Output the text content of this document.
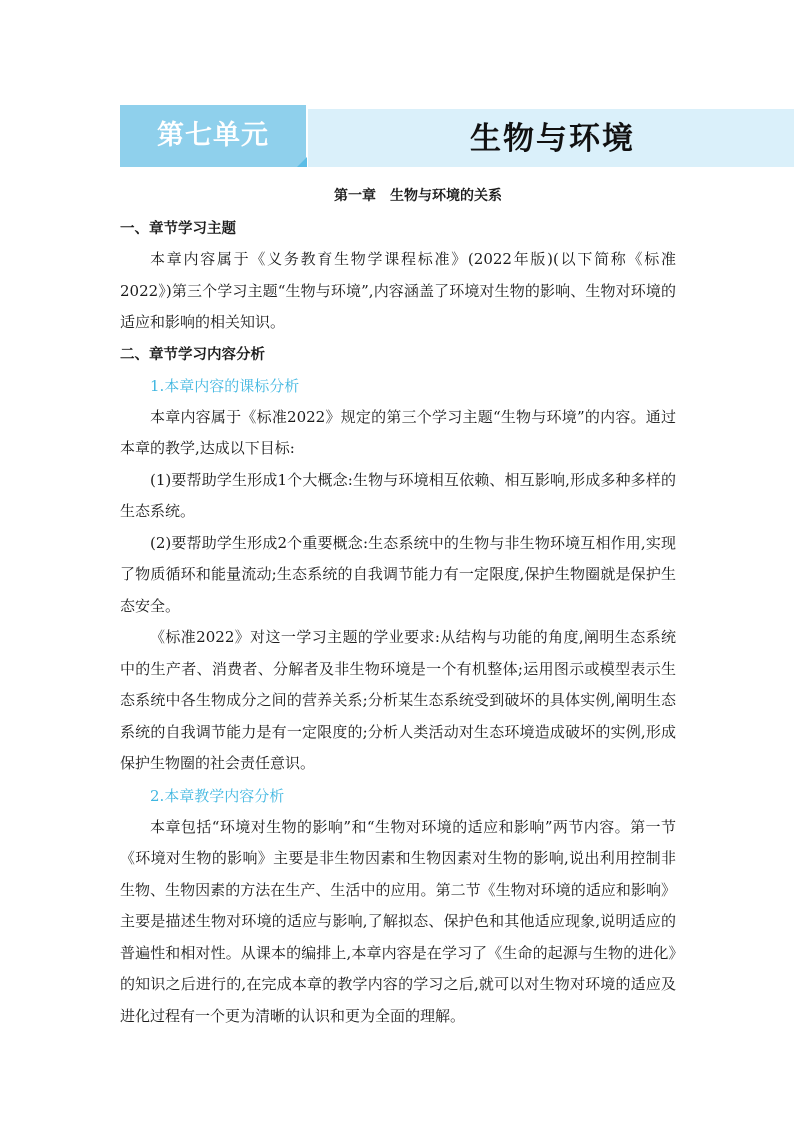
第七单元	生物与环境
第一章　生物与环境的关系

一、章节学习主题

本章内容属于《义务教育生物学课程标准》(2022年版)(以下简称《标准2022》)第三个学习主题“生物与环境”,内容涵盖了环境对生物的影响、生物对环境的适应和影响的相关知识。

二、章节学习内容分析

1.本章内容的课标分析

本章内容属于《标准2022》规定的第三个学习主题“生物与环境”的内容。通过本章的教学,达成以下目标:

(1)要帮助学生形成1个大概念:生物与环境相互依赖、相互影响,形成多种多样的生态系统。

(2)要帮助学生形成2个重要概念:生态系统中的生物与非生物环境互相作用,实现了物质循环和能量流动;生态系统的自我调节能力有一定限度,保护生物圈就是保护生态安全。

《标准2022》对这一学习主题的学业要求:从结构与功能的角度,阐明生态系统中的生产者、消费者、分解者及非生物环境是一个有机整体;运用图示或模型表示生态系统中各生物成分之间的营养关系;分析某生态系统受到破坏的具体实例,阐明生态系统的自我调节能力是有一定限度的;分析人类活动对生态环境造成破坏的实例,形成保护生物圈的社会责任意识。

2.本章教学内容分析

本章包括“环境对生物的影响”和“生物对环境的适应和影响”两节内容。第一节《环境对生物的影响》主要是非生物因素和生物因素对生物的影响,说出利用控制非生物、生物因素的方法在生产、生活中的应用。第二节《生物对环境的适应和影响》主要是描述生物对环境的适应与影响,了解拟态、保护色和其他适应现象,说明适应的普遍性和相对性。从课本的编排上,本章内容是在学习了《生命的起源与生物的进化》的知识之后进行的,在完成本章的教学内容的学习之后,就可以对生物对环境的适应及进化过程有一个更为清晰的认识和更为全面的理解。
